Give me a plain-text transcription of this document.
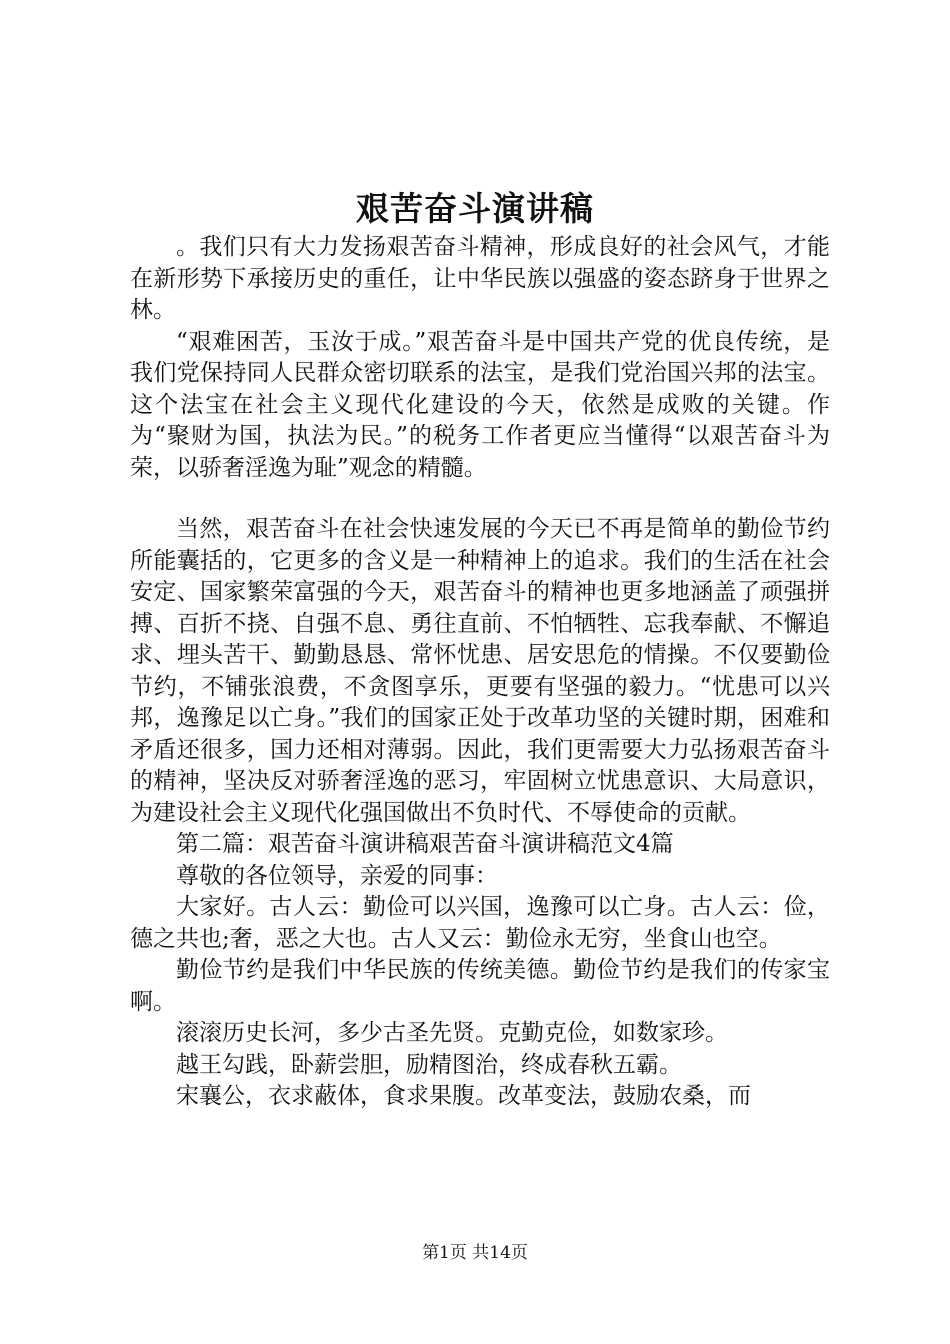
艰苦奋斗演讲稿

。我们只有大力发扬艰苦奋斗精神，形成良好的社会风气，才能在新形势下承接历史的重任，让中华民族以强盛的姿态跻身于世界之林。

“艰难困苦，玉汝于成。”艰苦奋斗是中国共产党的优良传统，是我们党保持同人民群众密切联系的法宝，是我们党治国兴邦的法宝。这个法宝在社会主义现代化建设的今天，依然是成败的关键。作为“聚财为国，执法为民。”的税务工作者更应当懂得“以艰苦奋斗为荣，以骄奢淫逸为耻”观念的精髓。

当然，艰苦奋斗在社会快速发展的今天已不再是简单的勤俭节约所能囊括的，它更多的含义是一种精神上的追求。我们的生活在社会安定、国家繁荣富强的今天，艰苦奋斗的精神也更多地涵盖了顽强拼搏、百折不挠、自强不息、勇往直前、不怕牺牲、忘我奉献、不懈追求、埋头苦干、勤勤恳恳、常怀忧患、居安思危的情操。不仅要勤俭节约，不铺张浪费，不贪图享乐，更要有坚强的毅力。“忧患可以兴邦，逸豫足以亡身。”我们的国家正处于改革功坚的关键时期，困难和矛盾还很多，国力还相对薄弱。因此，我们更需要大力弘扬艰苦奋斗的精神，坚决反对骄奢淫逸的恶习，牢固树立忧患意识、大局意识，为建设社会主义现代化强国做出不负时代、不辱使命的贡献。

第二篇：艰苦奋斗演讲稿艰苦奋斗演讲稿范文4篇

尊敬的各位领导，亲爱的同事：

大家好。古人云：勤俭可以兴国，逸豫可以亡身。古人云：俭，德之共也;奢，恶之大也。古人又云：勤俭永无穷，坐食山也空。

勤俭节约是我们中华民族的传统美德。勤俭节约是我们的传家宝啊。

滚滚历史长河，多少古圣先贤。克勤克俭，如数家珍。

越王勾践，卧薪尝胆，励精图治，终成春秋五霸。

宋襄公，衣求蔽体，食求果腹。改革变法，鼓励农桑，而

第1页 共14页
